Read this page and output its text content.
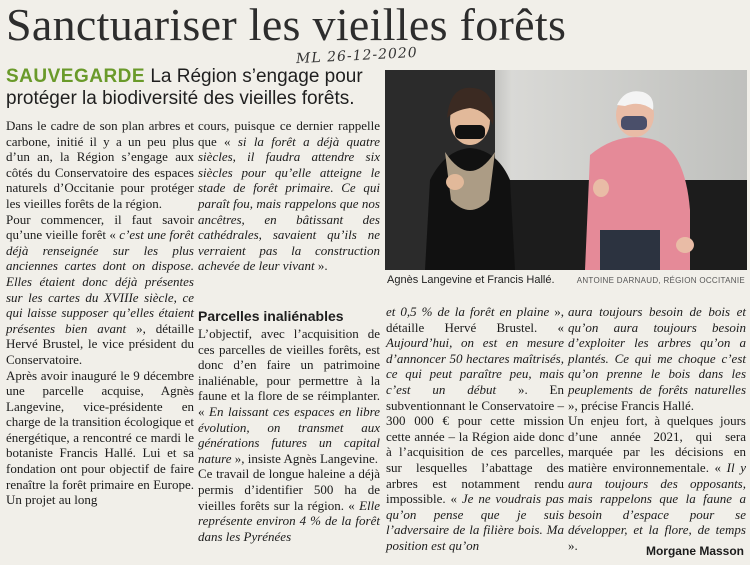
Sanctuariser les vieilles forêts
ML 26-12-2020
SAUVEGARDE La Région s’engage pour protéger la biodiversité des vieilles forêts.
Agnès Langevine et Francis Hallé.	ANTOINE DARNAUD, RÉGION OCCITANIE

Dans le cadre de son plan arbres et carbone, initié il y a un peu plus d’un an, la Région s’engage aux côtés du Conservatoire des espaces naturels d’Occitanie pour protéger les vieilles forêts de la région.

Pour commencer, il faut savoir qu’une vieille forêt « c’est une forêt déjà renseignée sur les plus anciennes cartes dont on dispose. Elles étaient donc déjà présentes sur les cartes du XVIIIe siècle, ce qui laisse supposer qu’elles étaient présentes bien avant », détaille Hervé Brustel, le vice président du Conservatoire.

Après avoir inauguré le 9 décembre une parcelle acquise, Agnès Langevine, vice-présidente en charge de la transition écologique et énergétique, a rencontré ce mardi le botaniste Francis Hallé. Lui et sa fondation ont pour objectif de faire renaître la forêt primaire en Europe. Un projet au long

cours, puisque ce dernier rappelle que « si la forêt a déjà quatre siècles, il faudra attendre six siècles pour qu’elle atteigne le stade de forêt primaire. Ce qui paraît fou, mais rappelons que nos ancêtres, en bâtissant des cathédrales, savaient qu’ils ne verraient pas la construction achevée de leur vivant ».

Parcelles inaliénables

L’objectif, avec l’acquisition de ces parcelles de vieilles forêts, est donc d’en faire un patrimoine inaliénable, pour permettre à la faune et la flore de se réimplanter. « En laissant ces espaces en libre évolution, on transmet aux générations futures un capital nature », insiste Agnès Langevine.

Ce travail de longue haleine a déjà permis d’identifier 500 ha de vieilles forêts sur la région. « Elle représente environ 4 % de la forêt dans les Pyrénées

et 0,5 % de la forêt en plaine », détaille Hervé Brustel. « Aujourd’hui, on est en mesure d’annoncer 50 hectares maîtrisés, ce qui peut paraître peu, mais c’est un début ». En subventionnant le Conservatoire – 300 000 € pour cette mission cette année – la Région aide donc à l’acquisition de ces parcelles, sur lesquelles l’abattage des arbres est notamment rendu impossible. « Je ne voudrais pas qu’on pense que je suis l’adversaire de la filière bois. Ma position est qu’on

aura toujours besoin de bois et qu’on aura toujours besoin d’exploiter les arbres qu’on a plantés. Ce qui me choque c’est qu’on prenne le bois dans les peuplements de forêts naturelles », précise Francis Hallé.

Un enjeu fort, à quelques jours d’une année 2021, qui sera marquée par les décisions en matière environnementale. « Il y aura toujours des opposants, mais rappelons que la faune a besoin d’espace pour se développer, et la flore, de temps ».	Morgane Masson
